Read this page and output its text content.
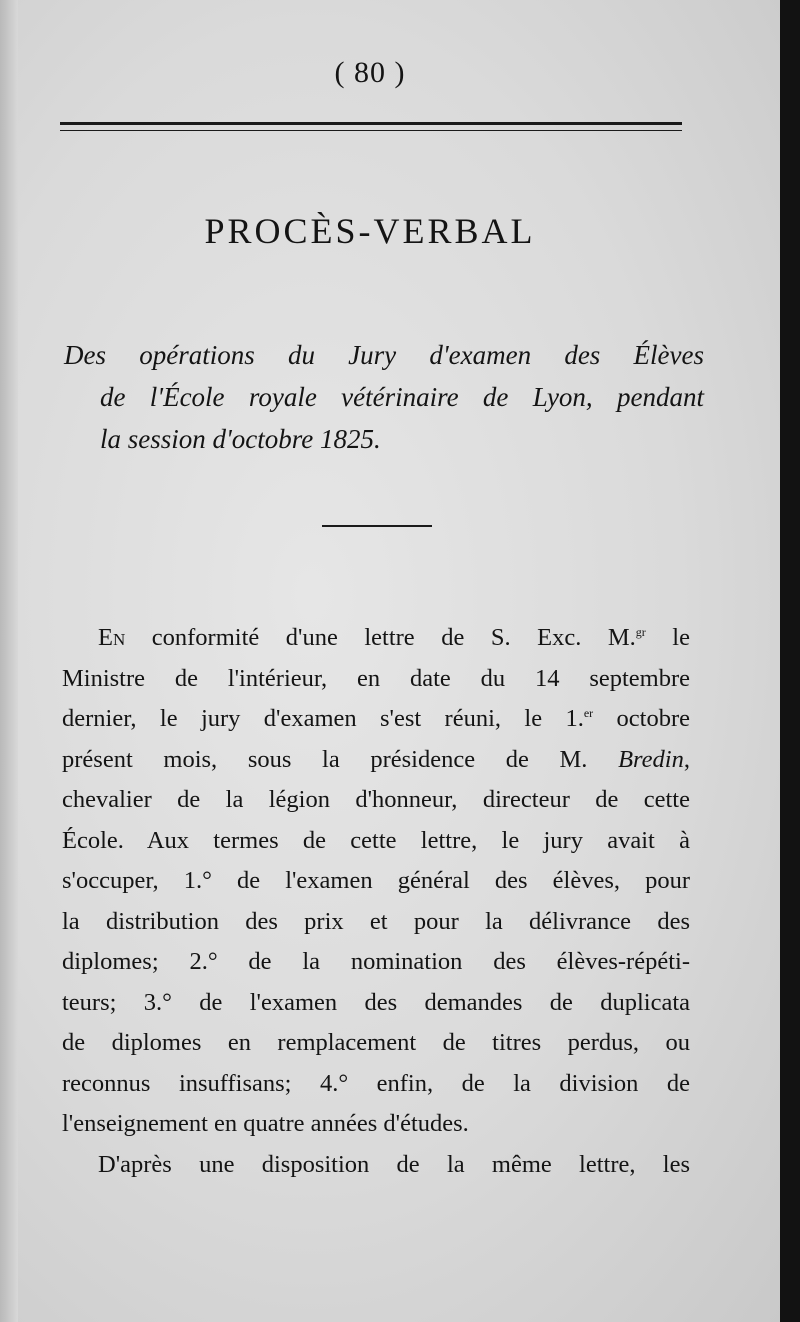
( 80 )
PROCÈS-VERBAL
Des opérations du Jury d'examen des Élèves
de l'École royale vétérinaire de Lyon, pendant
la session d'octobre 1825.
En conformité d'une lettre de S. Exc. M.$^{gr}$ le
Ministre de l'intérieur, en date du 14 septembre
dernier, le jury d'examen s'est réuni, le 1.$^{er}$ octobre
présent mois, sous la présidence de M. Bredin,
chevalier de la légion d'honneur, directeur de cette
École. Aux termes de cette lettre, le jury avait à
s'occuper, 1.° de l'examen général des élèves, pour
la distribution des prix et pour la délivrance des
diplomes; 2.° de la nomination des élèves-répéti-
teurs; 3.° de l'examen des demandes de duplicata
de diplomes en remplacement de titres perdus, ou
reconnus insuffisans; 4.° enfin, de la division de
l'enseignement en quatre années d'études.
D'après une disposition de la même lettre, les
